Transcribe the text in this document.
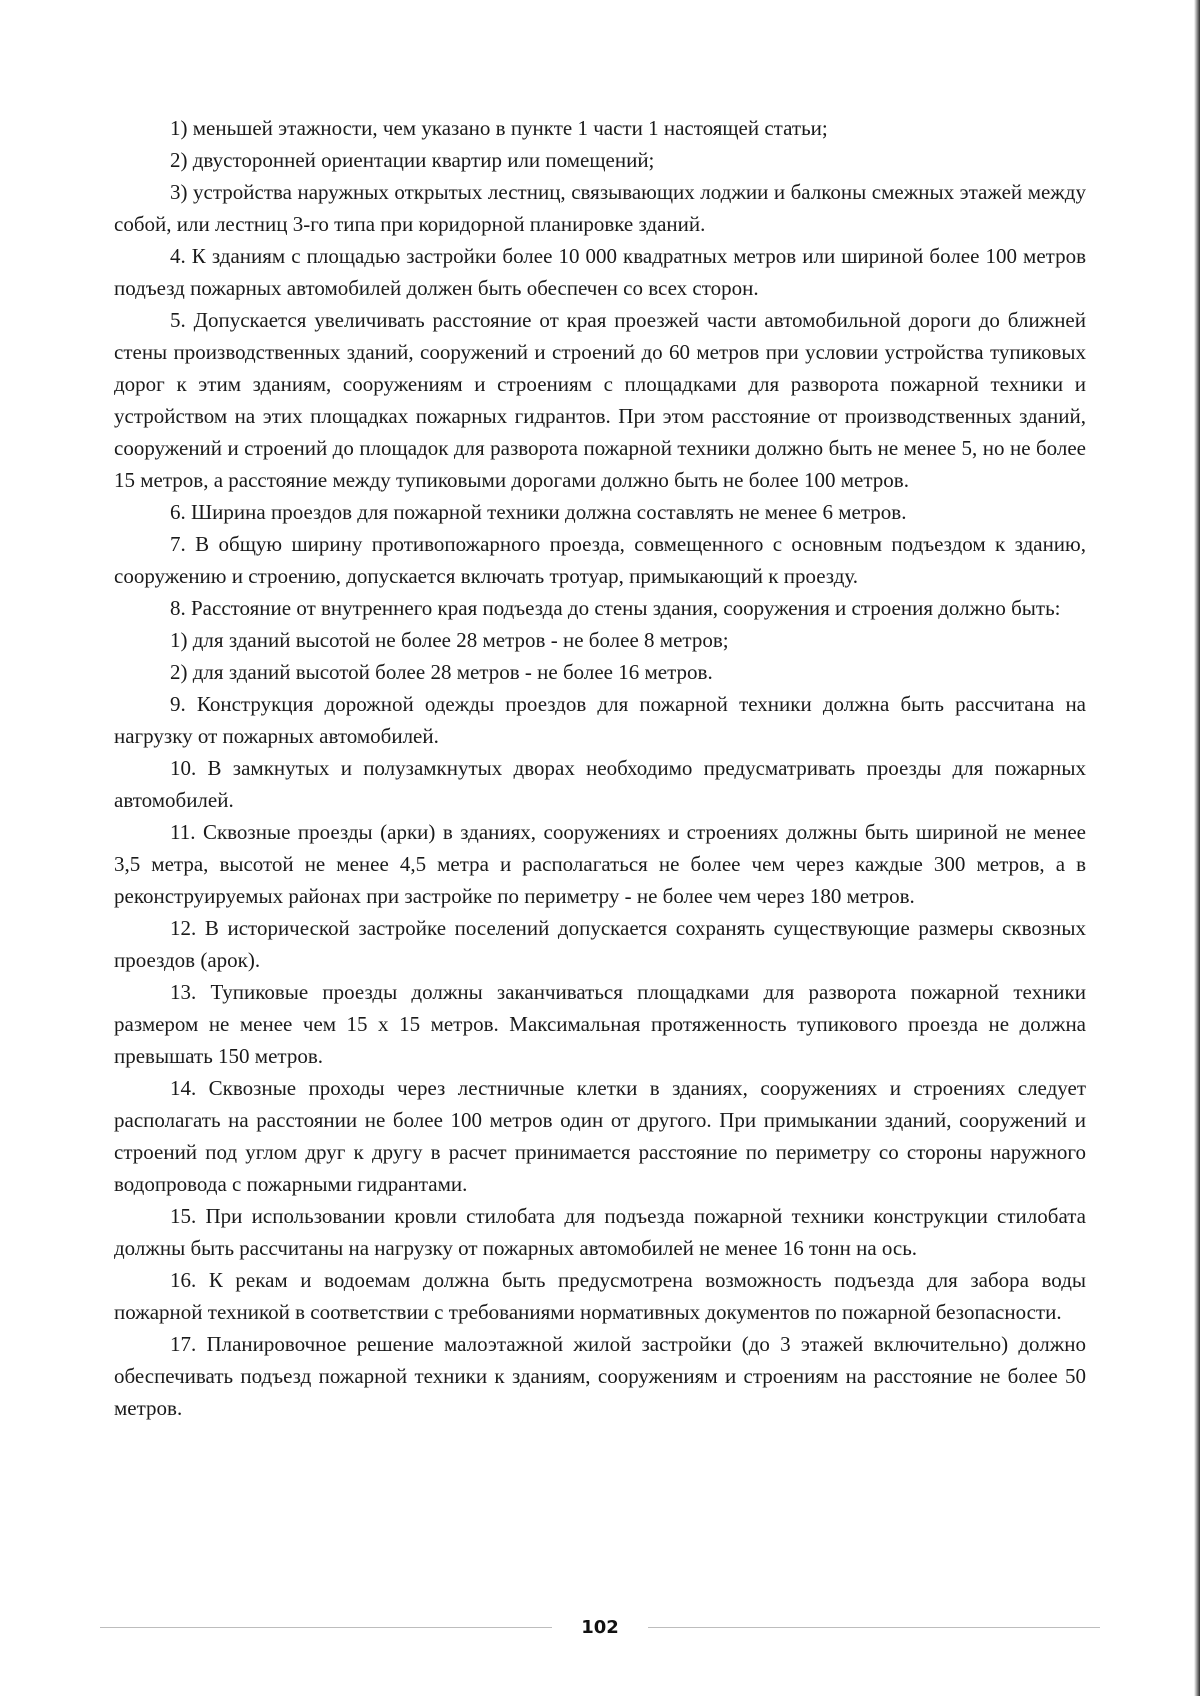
1) меньшей этажности, чем указано в пункте 1 части 1 настоящей статьи;

2) двусторонней ориентации квартир или помещений;

3) устройства наружных открытых лестниц, связывающих лоджии и балконы смежных этажей между собой, или лестниц 3-го типа при коридорной планировке зданий.

4. К зданиям с площадью застройки более 10 000 квадратных метров или шириной более 100 метров подъезд пожарных автомобилей должен быть обеспечен со всех сторон.

5. Допускается увеличивать расстояние от края проезжей части автомобильной дороги до ближней стены производственных зданий, сооружений и строений до 60 метров при условии устройства тупиковых дорог к этим зданиям, сооружениям и строениям с площадками для разворота пожарной техники и устройством на этих площадках пожарных гидрантов. При этом расстояние от производственных зданий, сооружений и строений до площадок для разворота пожарной техники должно быть не менее 5, но не более 15 метров, а расстояние между тупиковыми дорогами должно быть не более 100 метров.

6. Ширина проездов для пожарной техники должна составлять не менее 6 метров.

7. В общую ширину противопожарного проезда, совмещенного с основным подъездом к зданию, сооружению и строению, допускается включать тротуар, примыкающий к проезду.

8. Расстояние от внутреннего края подъезда до стены здания, сооружения и строения должно быть:

1) для зданий высотой не более 28 метров - не более 8 метров;

2) для зданий высотой более 28 метров - не более 16 метров.

9. Конструкция дорожной одежды проездов для пожарной техники должна быть рассчитана на нагрузку от пожарных автомобилей.

10. В замкнутых и полузамкнутых дворах необходимо предусматривать проезды для пожарных автомобилей.

11. Сквозные проезды (арки) в зданиях, сооружениях и строениях должны быть шириной не менее 3,5 метра, высотой не менее 4,5 метра и располагаться не более чем через каждые 300 метров, а в реконструируемых районах при застройке по периметру - не более чем через 180 метров.

12. В исторической застройке поселений допускается сохранять существующие размеры сквозных проездов (арок).

13. Тупиковые проезды должны заканчиваться площадками для разворота пожарной техники размером не менее чем 15 x 15 метров. Максимальная протяженность тупикового проезда не должна превышать 150 метров.

14. Сквозные проходы через лестничные клетки в зданиях, сооружениях и строениях следует располагать на расстоянии не более 100 метров один от другого. При примыкании зданий, сооружений и строений под углом друг к другу в расчет принимается расстояние по периметру со стороны наружного водопровода с пожарными гидрантами.

15. При использовании кровли стилобата для подъезда пожарной техники конструкции стилобата должны быть рассчитаны на нагрузку от пожарных автомобилей не менее 16 тонн на ось.

16. К рекам и водоемам должна быть предусмотрена возможность подъезда для забора воды пожарной техникой в соответствии с требованиями нормативных документов по пожарной безопасности.

17. Планировочное решение малоэтажной жилой застройки (до 3 этажей включительно) должно обеспечивать подъезд пожарной техники к зданиям, сооружениям и строениям на расстояние не более 50 метров.

102
